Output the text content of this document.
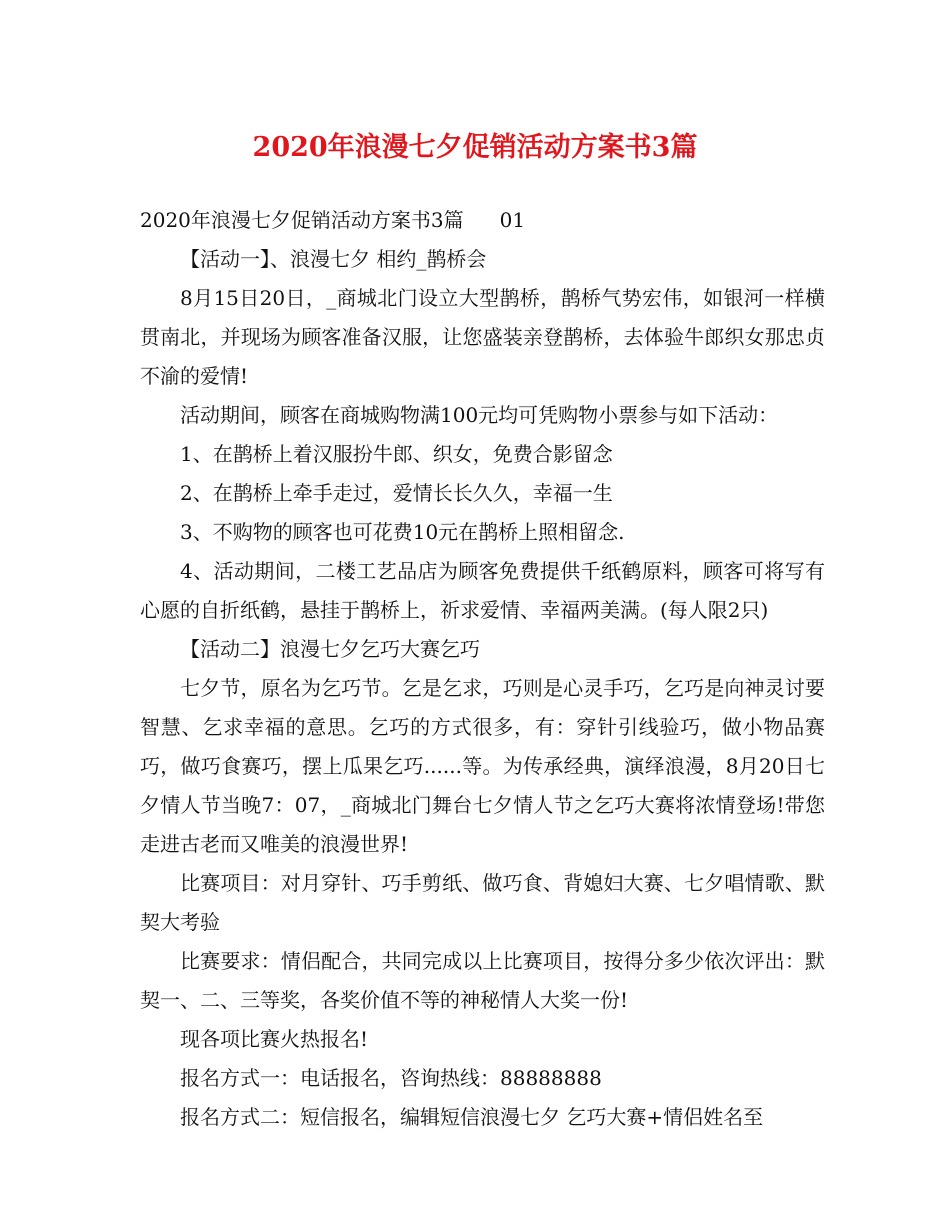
2020年浪漫七夕促销活动方案书3篇

2020年浪漫七夕促销活动方案书3篇 01

【活动一】、浪漫七夕 相约_鹊桥会

8月15日20日，_商城北门设立大型鹊桥，鹊桥气势宏伟，如银河一样横贯南北，并现场为顾客准备汉服，让您盛装亲登鹊桥，去体验牛郎织女那忠贞不渝的爱情!

活动期间，顾客在商城购物满100元均可凭购物小票参与如下活动：

1、在鹊桥上着汉服扮牛郎、织女，免费合影留念

2、在鹊桥上牵手走过，爱情长长久久，幸福一生

3、不购物的顾客也可花费10元在鹊桥上照相留念.

4、活动期间，二楼工艺品店为顾客免费提供千纸鹤原料，顾客可将写有心愿的自折纸鹤，悬挂于鹊桥上，祈求爱情、幸福两美满。(每人限2只)

【活动二】浪漫七夕乞巧大赛乞巧

七夕节，原名为乞巧节。乞是乞求，巧则是心灵手巧，乞巧是向神灵讨要智慧、乞求幸福的意思。乞巧的方式很多，有：穿针引线验巧，做小物品赛巧，做巧食赛巧，摆上瓜果乞巧......等。为传承经典，演绎浪漫，8月20日七夕情人节当晚7：07，_商城北门舞台七夕情人节之乞巧大赛将浓情登场!带您走进古老而又唯美的浪漫世界!

比赛项目：对月穿针、巧手剪纸、做巧食、背媳妇大赛、七夕唱情歌、默契大考验

比赛要求：情侣配合，共同完成以上比赛项目，按得分多少依次评出：默契一、二、三等奖，各奖价值不等的神秘情人大奖一份!

现各项比赛火热报名!

报名方式一：电话报名，咨询热线：88888888

报名方式二：短信报名，编辑短信浪漫七夕 乞巧大赛+情侣姓名至
